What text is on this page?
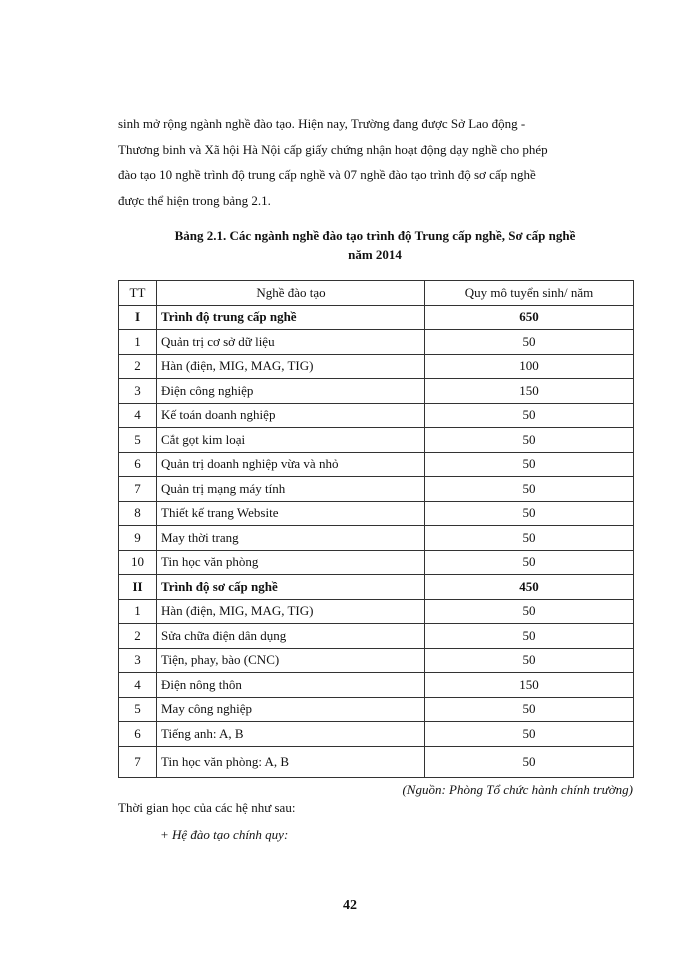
sinh mở rộng ngành nghề đào tạo. Hiện nay, Trường đang được Sở Lao động -
Thương binh và Xã hội Hà Nội cấp giấy chứng nhận hoạt động dạy nghề cho phép
đào tạo 10 nghề trình độ trung cấp nghề và 07 nghề đào tạo trình độ sơ cấp nghề
được thể hiện trong bảng 2.1.
Bảng 2.1. Các ngành nghề đào tạo trình độ Trung cấp nghề, Sơ cấp nghề
năm 2014
TT	Nghề đào tạo	Quy mô tuyển sinh/ năm
I	Trình độ trung cấp nghề	650
1	Quản trị cơ sở dữ liệu	50
2	Hàn (điện, MIG, MAG, TIG)	100
3	Điện công nghiệp	150
4	Kế toán doanh nghiệp	50
5	Cắt gọt kim loại	50
6	Quản trị doanh nghiệp vừa và nhỏ	50
7	Quản trị mạng máy tính	50
8	Thiết kế trang Website	50
9	May thời trang	50
10	Tin học văn phòng	50
II	Trình độ sơ cấp nghề	450
1	Hàn (điện, MIG, MAG, TIG)	50
2	Sửa chữa điện dân dụng	50
3	Tiện, phay, bào (CNC)	50
4	Điện nông thôn	150
5	May công nghiệp	50
6	Tiếng anh: A, B	50
7	Tin học văn phòng: A, B	50
(Nguồn: Phòng Tổ chức hành chính trường)
Thời gian học của các hệ như sau:
+ Hệ đào tạo chính quy:
42
